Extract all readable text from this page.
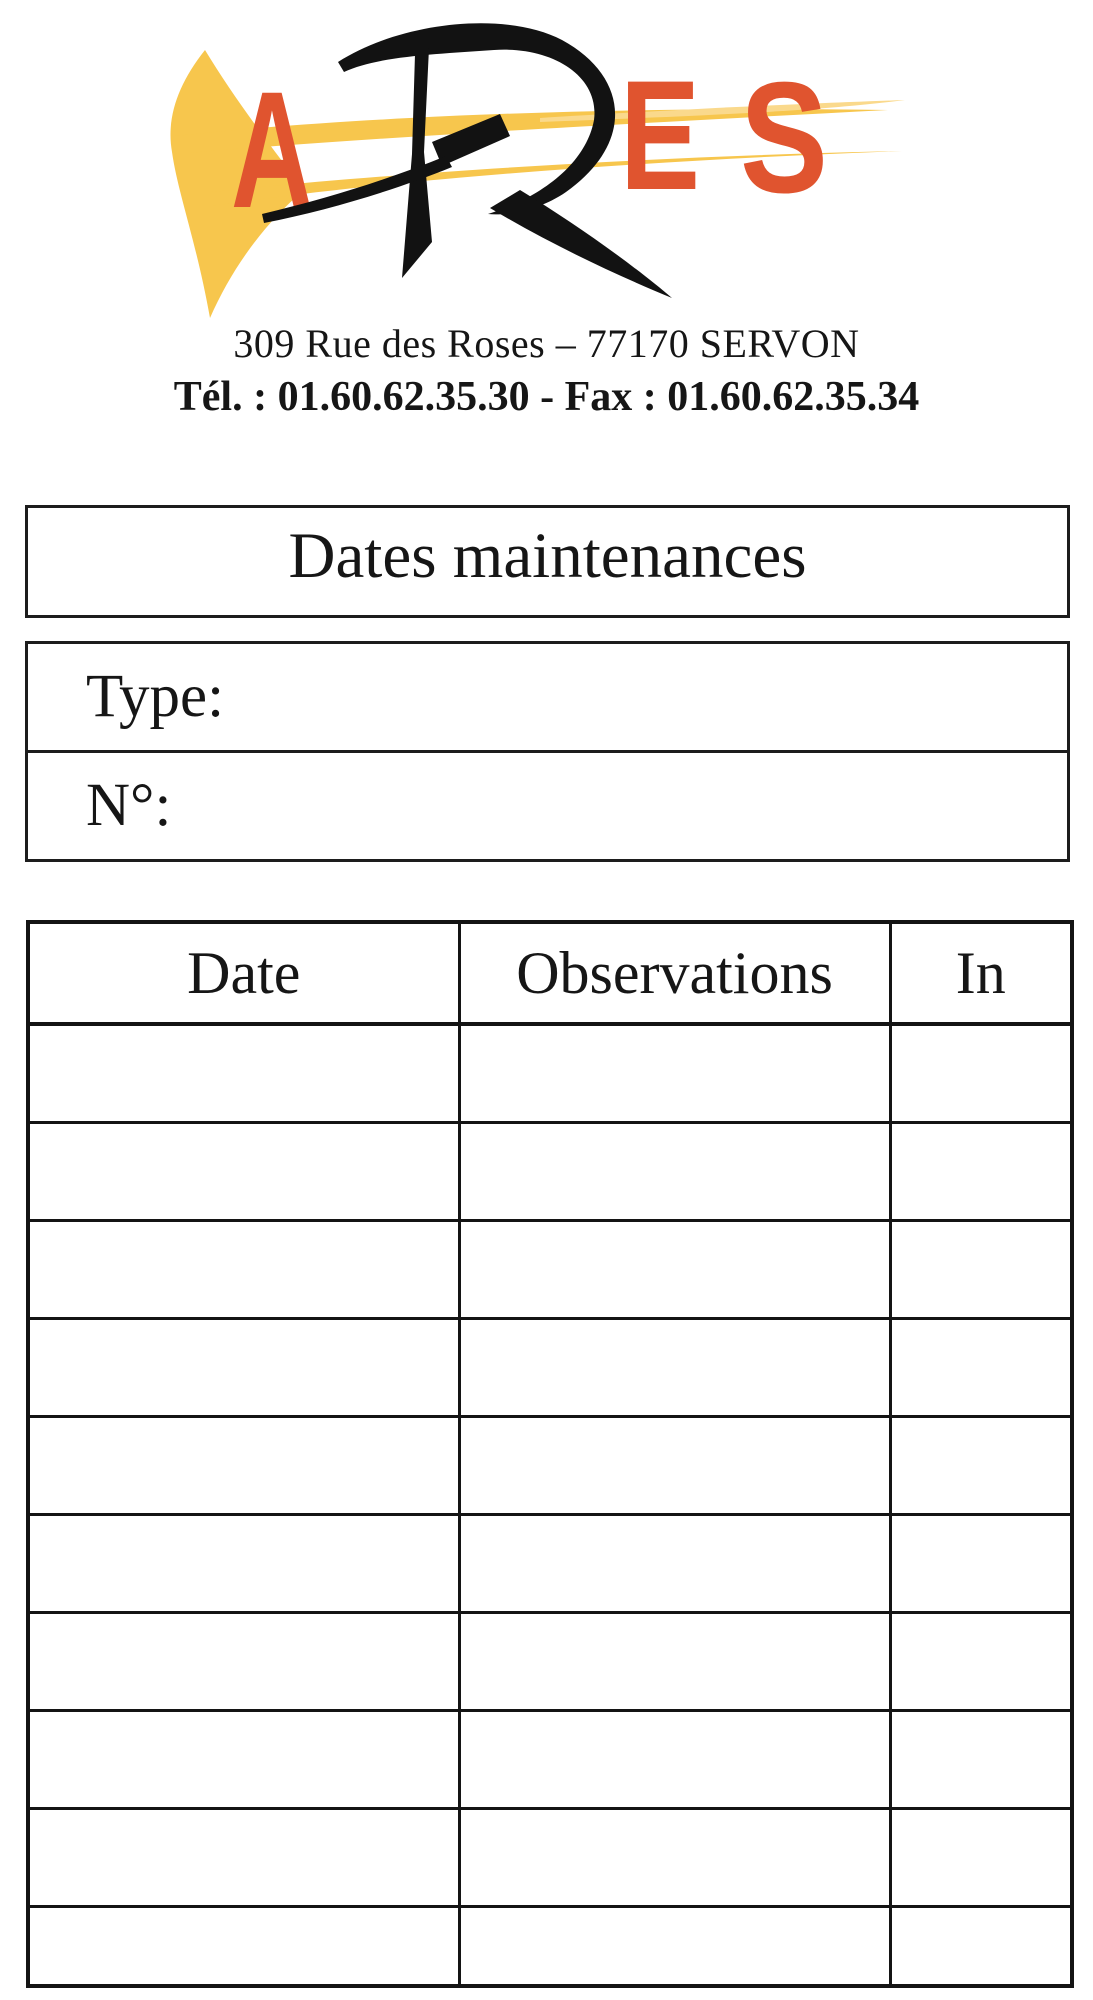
A E S
309 Rue des Roses – 77170 SERVON
Tél. : 01.60.62.35.30 - Fax : 01.60.62.35.34
Dates maintenances
Type:
N°:
Date	Observations	In
